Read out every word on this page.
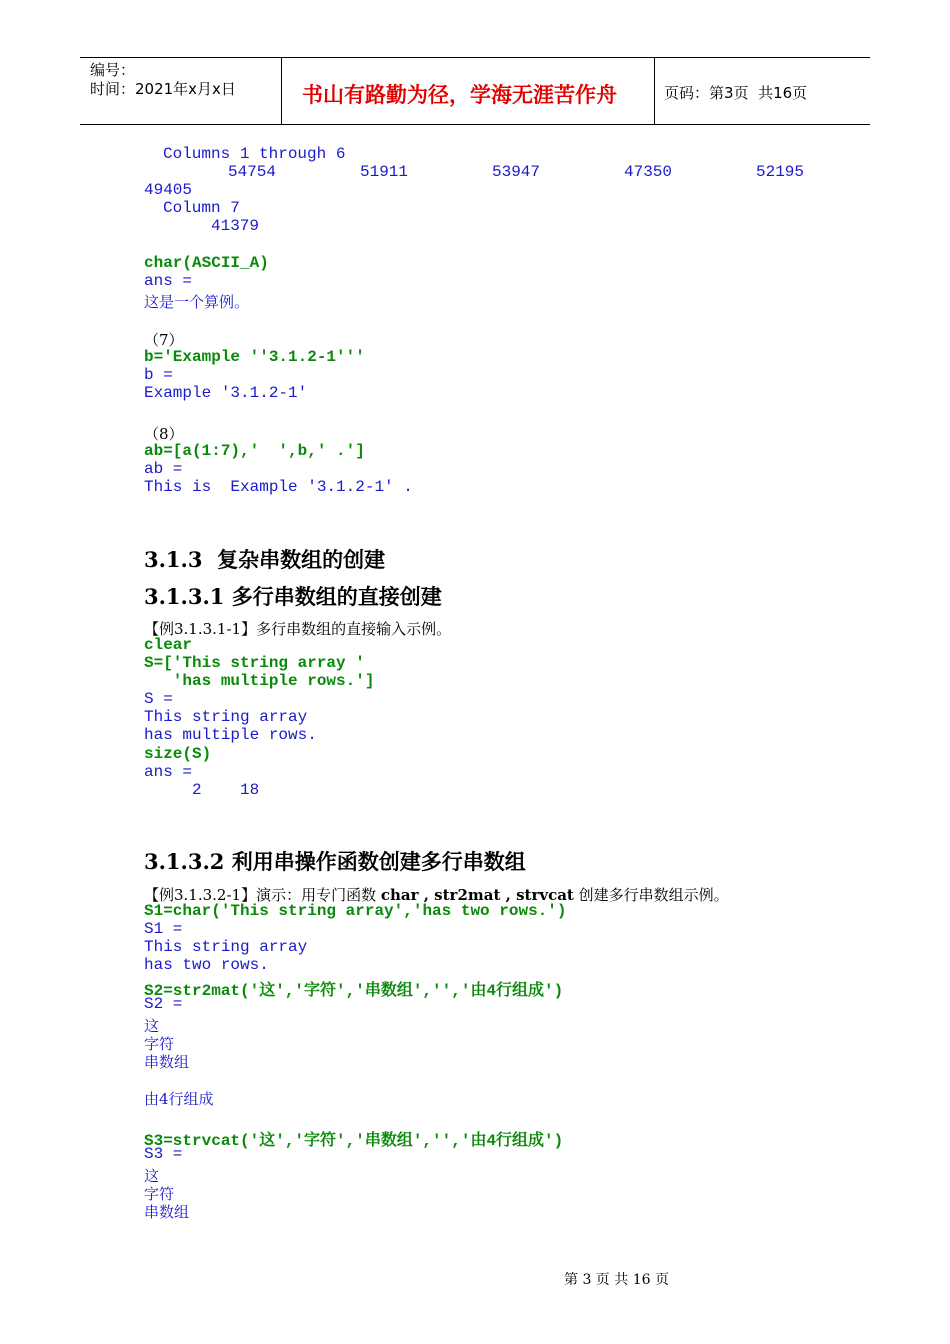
编号：
时间：2021年x月x日	书山有路勤为径，学海无涯苦作舟	页码：第3页  共16页
Columns 1 through 6
54754	51911	53947	47350	52195
49405
Column 7
41379
char(ASCII_A)
ans =
这是一个算例。
（7）
b='Example ''3.1.2-1'''
b =
Example '3.1.2-1'
（8）
ab=[a(1:7),'  ',b,' .']
ab =
This is  Example '3.1.2-1' .
3.1.3  复杂串数组的创建
3.1.3.1 多行串数组的直接创建
【例3.1.3.1-1】多行串数组的直接输入示例。
clear
S=['This string array '
'has multiple rows.']
S =
This string array
has multiple rows.
size(S)
ans =
2 18
3.1.3.2 利用串操作函数创建多行串数组
【例3.1.3.2-1】演示：用专门函数 char , str2mat , strvcat 创建多行串数组示例。
S1=char('This string array','has two rows.')
S1 =
This string array
has two rows.
S2=str2mat('这','字符','串数组','','由4行组成')
S2 =
这
字符
串数组
由4行组成
S3=strvcat('这','字符','串数组','','由4行组成')
S3 =
这
字符
串数组
第 3 页 共 16 页
